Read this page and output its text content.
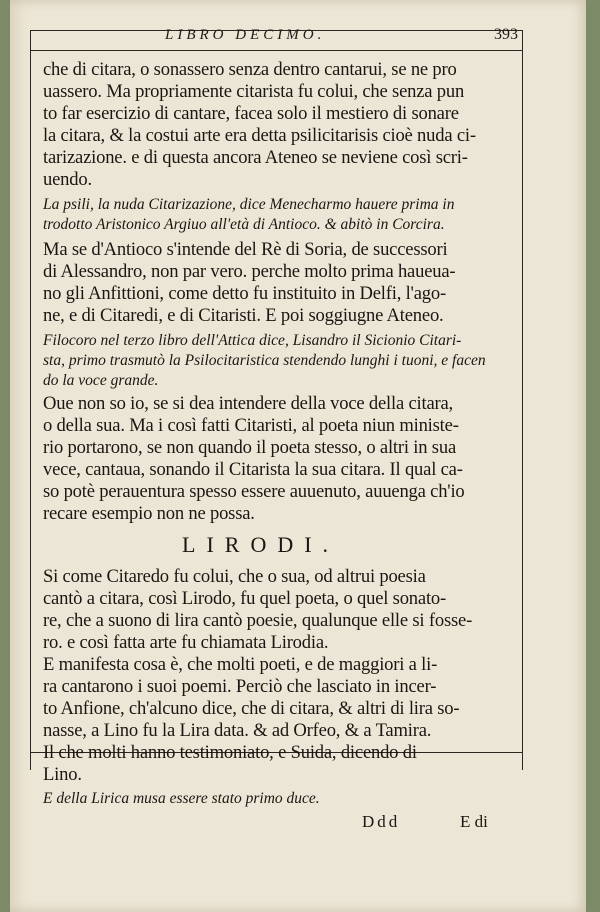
LIBRO DECIMO.	393
che di citara, o sonassero senza dentro cantarui, se ne pro
uassero. Ma propriamente citarista fu colui, che senza pun
to far esercizio di cantare, facea solo il mestiero di sonare
la citara, & la costui arte era detta psilicitarisis cioè nuda ci-
tarizazione. e di questa ancora Ateneo se neviene così scri-
uendo.
La psili, la nuda Citarizazione, dice Menecharmo hauere prima in
trodotto Aristonico Argiuo all'età di Antioco. & abitò in Corcira.
Ma se d'Antioco s'intende del Rè di Soria, de successori
di Alessandro, non par vero. perche molto prima haueua-
no gli Anfittioni, come detto fu instituito in Delfi, l'ago-
ne, e di Citaredi, e di Citaristi. E poi soggiugne Ateneo.
Filocoro nel terzo libro dell'Attica dice, Lisandro il Sicionio Citari-
sta, primo trasmutò la Psilocitaristica stendendo lunghi i tuoni, e facen
do la voce grande.
Oue non so io, se si dea intendere della voce della citara,
o della sua. Ma i così fatti Citaristi, al poeta niun ministe-
rio portarono, se non quando il poeta stesso, o altri in sua
vece, cantaua, sonando il Citarista la sua citara. Il qual ca-
so potè perauentura spesso essere auuenuto, auuenga ch'io
recare esempio non ne possa.
LIRODI.
Si come Citaredo fu colui, che o sua, od altrui poesia
cantò a citara, così Lirodo, fu quel poeta, o quel sonato-
re, che a suono di lira cantò poesie, qualunque elle si fosse-
ro. e così fatta arte fu chiamata Lirodia.
E manifesta cosa è, che molti poeti, e de maggiori a li-
ra cantarono i suoi poemi. Perciò che lasciato in incer-
to Anfione, ch'alcuno dice, che di citara, & altri di lira so-
nasse, a Lino fu la Lira data. & ad Orfeo, & a Tamira.
Il che molti hanno testimoniato, e Suida, dicendo di
Lino.
E della Lirica musa essere stato primo duce.
Ddd	E di
